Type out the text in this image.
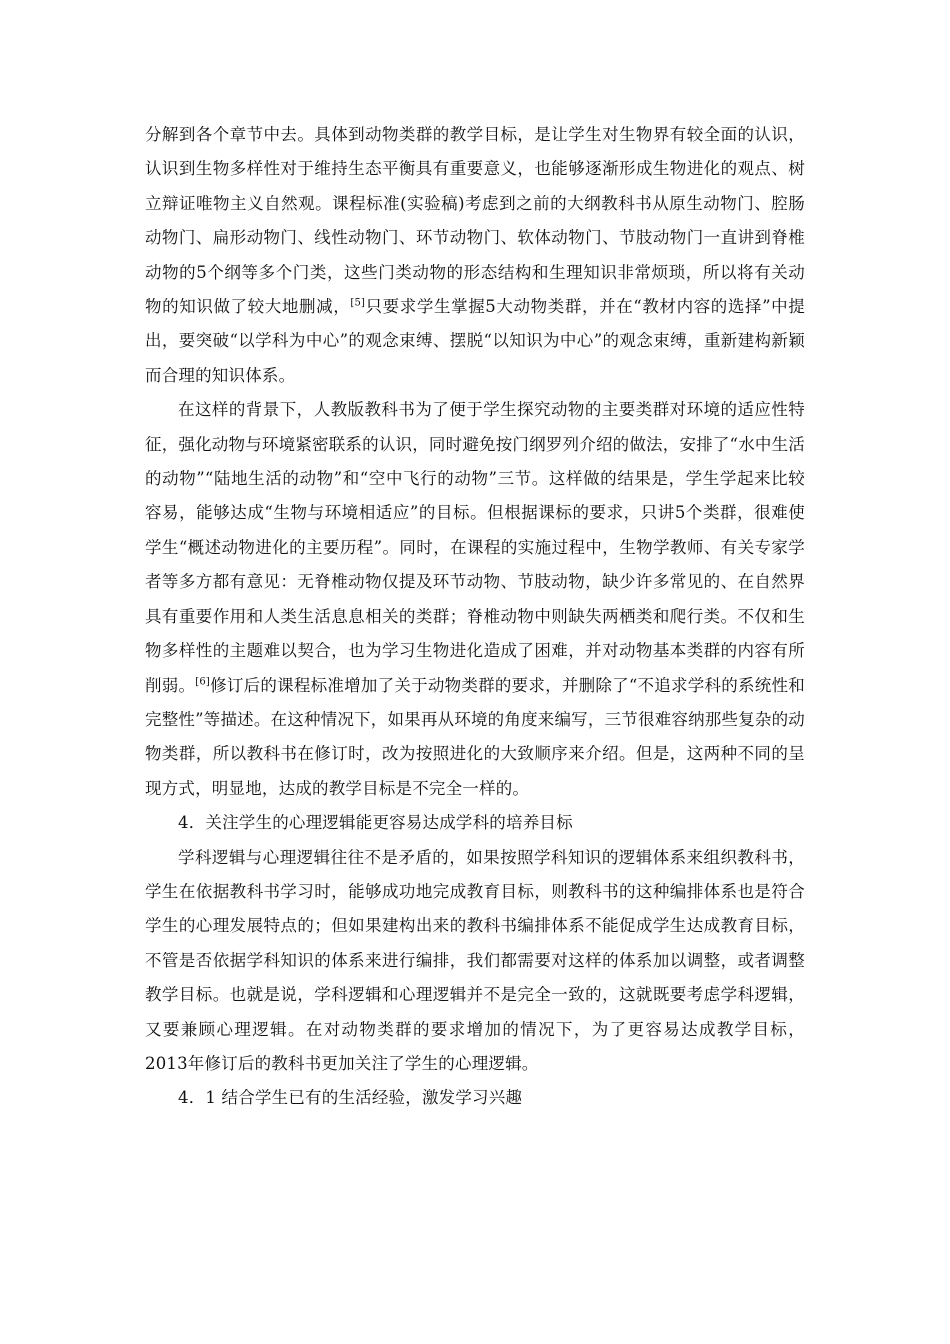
分解到各个章节中去。具体到动物类群的教学目标，是让学生对生物界有较全面的认识，认识到生物多样性对于维持生态平衡具有重要意义，也能够逐渐形成生物进化的观点、树立辩证唯物主义自然观。课程标准(实验稿)考虑到之前的大纲教科书从原生动物门、腔肠动物门、扁形动物门、线性动物门、环节动物门、软体动物门、节肢动物门一直讲到脊椎动物的5个纲等多个门类，这些门类动物的形态结构和生理知识非常烦琐，所以将有关动物的知识做了较大地删减，[5]只要求学生掌握5大动物类群，并在“教材内容的选择”中提出，要突破“以学科为中心”的观念束缚、摆脱“以知识为中心”的观念束缚，重新建构新颖而合理的知识体系。

在这样的背景下，人教版教科书为了便于学生探究动物的主要类群对环境的适应性特征，强化动物与环境紧密联系的认识，同时避免按门纲罗列介绍的做法，安排了“水中生活的动物”“陆地生活的动物”和“空中飞行的动物”三节。这样做的结果是，学生学起来比较容易，能够达成“生物与环境相适应”的目标。但根据课标的要求，只讲5个类群，很难使学生“概述动物进化的主要历程”。同时，在课程的实施过程中，生物学教师、有关专家学者等多方都有意见：无脊椎动物仅提及环节动物、节肢动物，缺少许多常见的、在自然界具有重要作用和人类生活息息相关的类群；脊椎动物中则缺失两栖类和爬行类。不仅和生物多样性的主题难以契合，也为学习生物进化造成了困难，并对动物基本类群的内容有所削弱。[6]修订后的课程标准增加了关于动物类群的要求，并删除了“不追求学科的系统性和完整性”等描述。在这种情况下，如果再从环境的角度来编写，三节很难容纳那些复杂的动物类群，所以教科书在修订时，改为按照进化的大致顺序来介绍。但是，这两种不同的呈现方式，明显地，达成的教学目标是不完全一样的。

4．关注学生的心理逻辑能更容易达成学科的培养目标

学科逻辑与心理逻辑往往不是矛盾的，如果按照学科知识的逻辑体系来组织教科书，学生在依据教科书学习时，能够成功地完成教育目标，则教科书的这种编排体系也是符合学生的心理发展特点的；但如果建构出来的教科书编排体系不能促成学生达成教育目标，不管是否依据学科知识的体系来进行编排，我们都需要对这样的体系加以调整，或者调整教学目标。也就是说，学科逻辑和心理逻辑并不是完全一致的，这就既要考虑学科逻辑，又要兼顾心理逻辑。在对动物类群的要求增加的情况下，为了更容易达成教学目标，2013年修订后的教科书更加关注了学生的心理逻辑。

4．1 结合学生已有的生活经验，激发学习兴趣
